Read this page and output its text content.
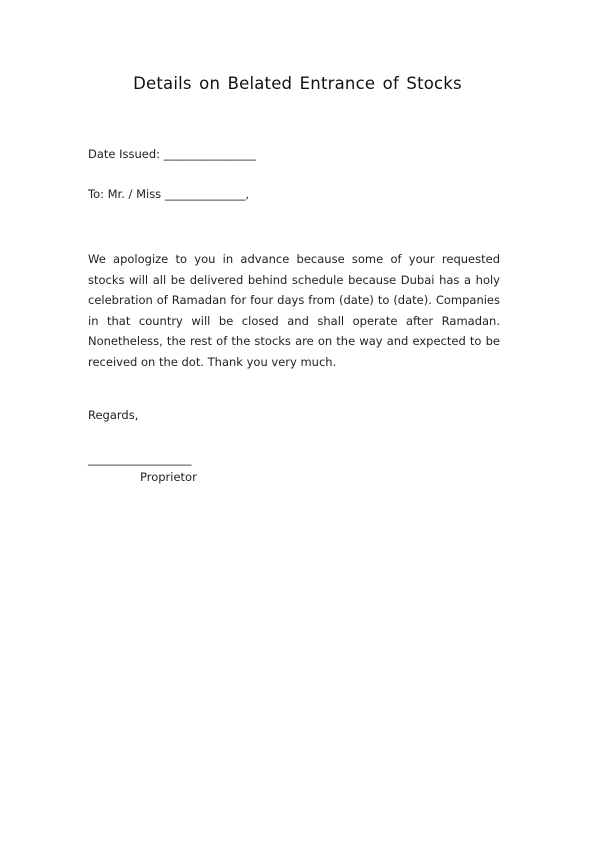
Details on Belated Entrance of Stocks
Date Issued: ________________
To: Mr. / Miss ______________,

We apologize to you in advance because some of your requested stocks will all be delivered behind schedule because Dubai has a holy celebration of Ramadan for four days from (date) to (date). Companies in that country will be closed and shall operate after Ramadan. Nonetheless, the rest of the stocks are on the way and expected to be received on the dot. Thank you very much.

Regards,
__________________
Proprietor
